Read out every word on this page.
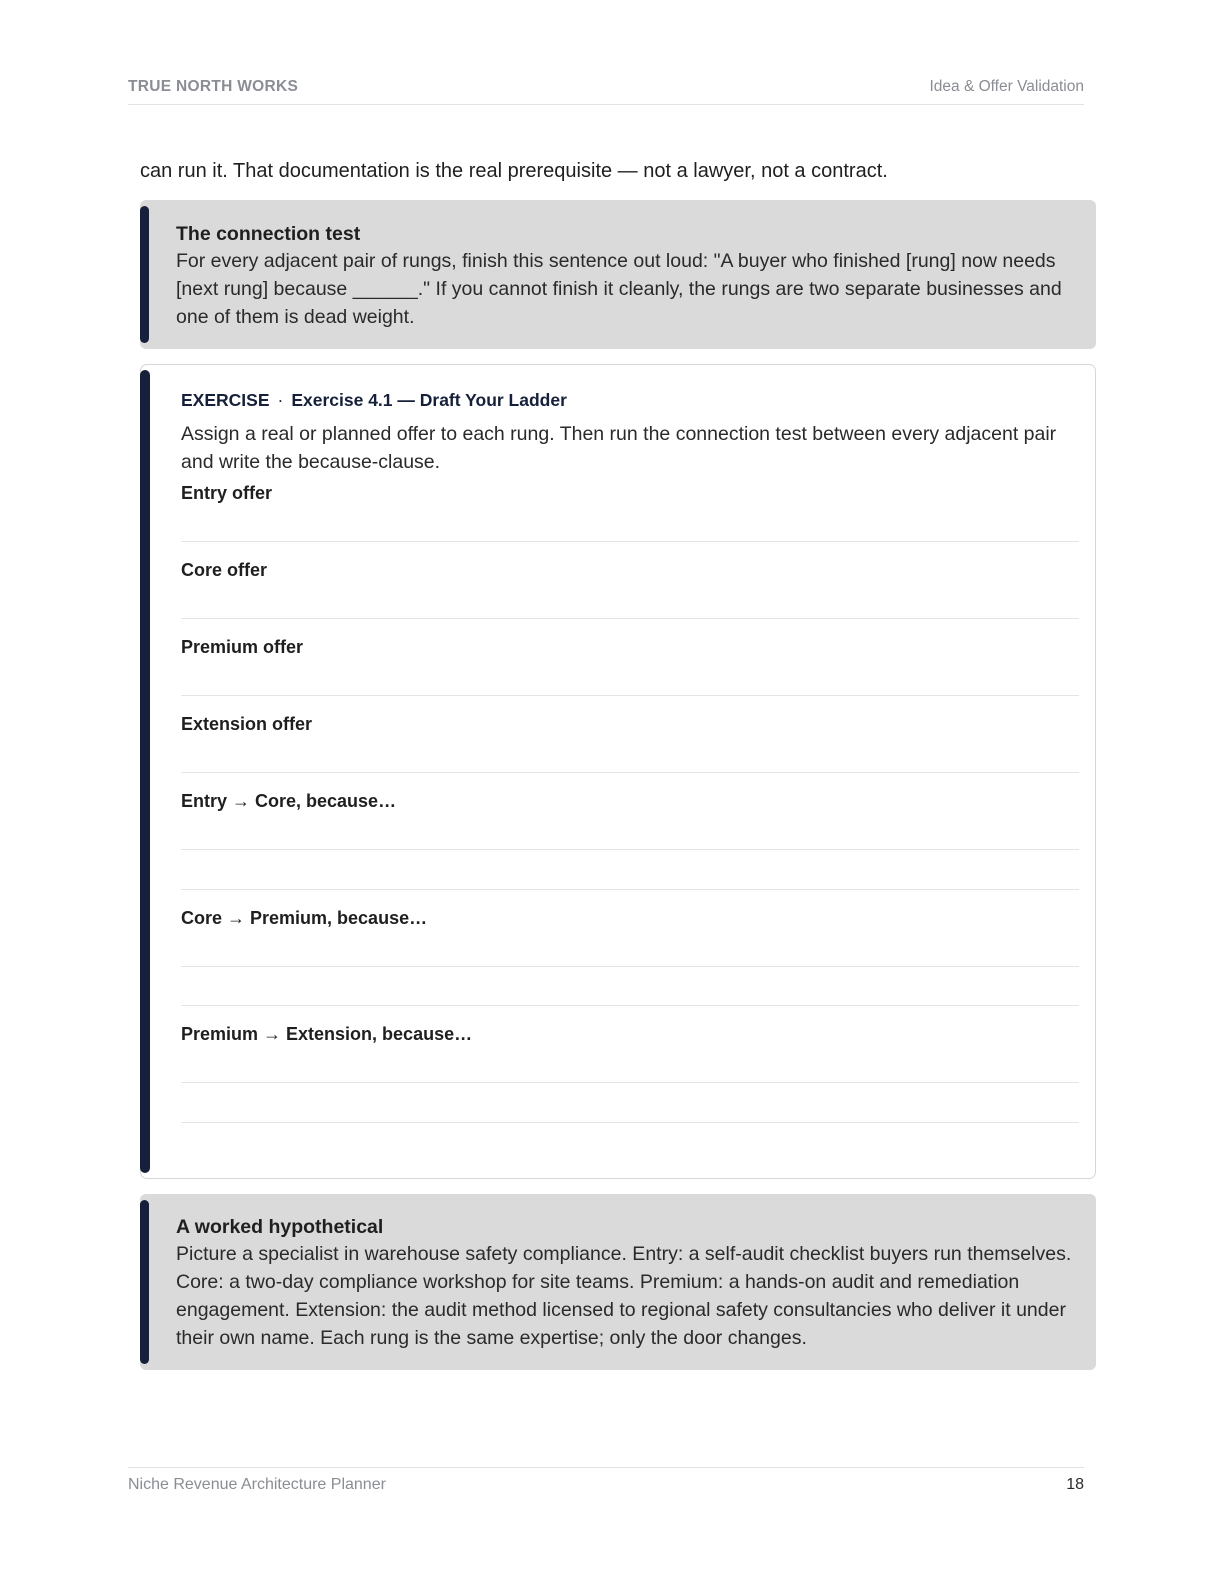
TRUE NORTH WORKS	Idea & Offer Validation

can run it. That documentation is the real prerequisite — not a lawyer, not a contract.

The connection test
For every adjacent pair of rungs, finish this sentence out loud: "A buyer who finished [rung] now needs [next rung] because ______." If you cannot finish it cleanly, the rungs are two separate businesses and one of them is dead weight.
EXERCISE · Exercise 4.1 — Draft Your Ladder

Assign a real or planned offer to each rung. Then run the connection test between every adjacent pair and write the because-clause.

Entry offer
Core offer
Premium offer
Extension offer
Entry → Core, because…
Core → Premium, because…
Premium → Extension, because…
A worked hypothetical
Picture a specialist in warehouse safety compliance. Entry: a self-audit checklist buyers run themselves. Core: a two-day compliance workshop for site teams. Premium: a hands-on audit and remediation engagement. Extension: the audit method licensed to regional safety consultancies who deliver it under their own name. Each rung is the same expertise; only the door changes.
Niche Revenue Architecture Planner	18
